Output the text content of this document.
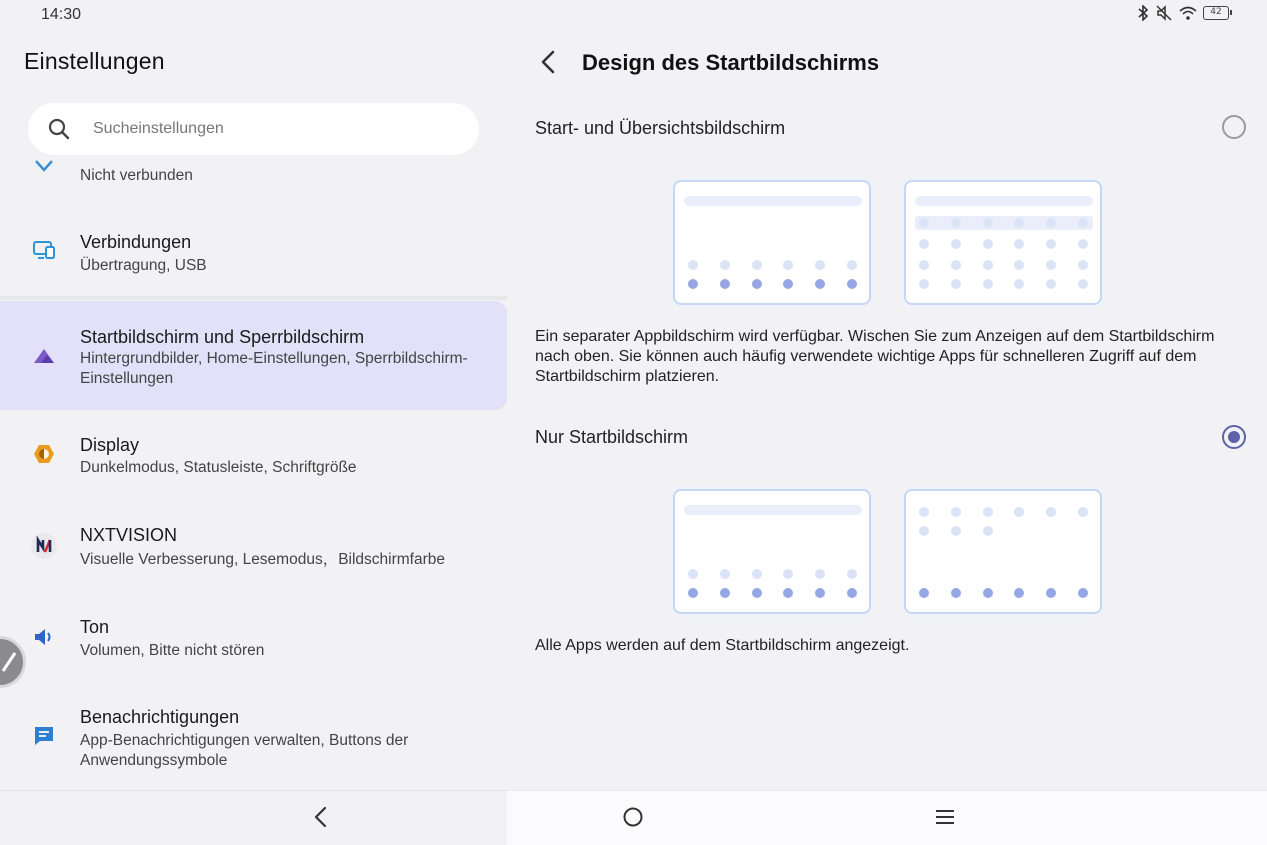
14:30	42
Nicht verbunden
Verbindungen
Übertragung, USB
Startbildschirm und Sperrbildschirm
Hintergrundbilder, Home-Einstellungen, Sperrbildschirm-Einstellungen
Display
Dunkelmodus, Statusleiste, Schriftgröße
NXTVISION
Visuelle Verbesserung, Lesemodus，Bildschirmfarbe
Ton
Volumen, Bitte nicht stören
Benachrichtigungen
App-Benachrichtigungen verwalten, Buttons der Anwendungssymbole
Einstellungen
Sucheinstellungen	Design des Startbildschirms
Start- und Übersichtsbildschirm

Ein separater Appbildschirm wird verfügbar. Wischen Sie zum Anzeigen auf dem Startbildschirm nach oben. Sie können auch häufig verwendete wichtige Apps für schnelleren Zugriff auf dem Startbildschirm platzieren.

Nur Startbildschirm

Alle Apps werden auf dem Startbildschirm angezeigt.
